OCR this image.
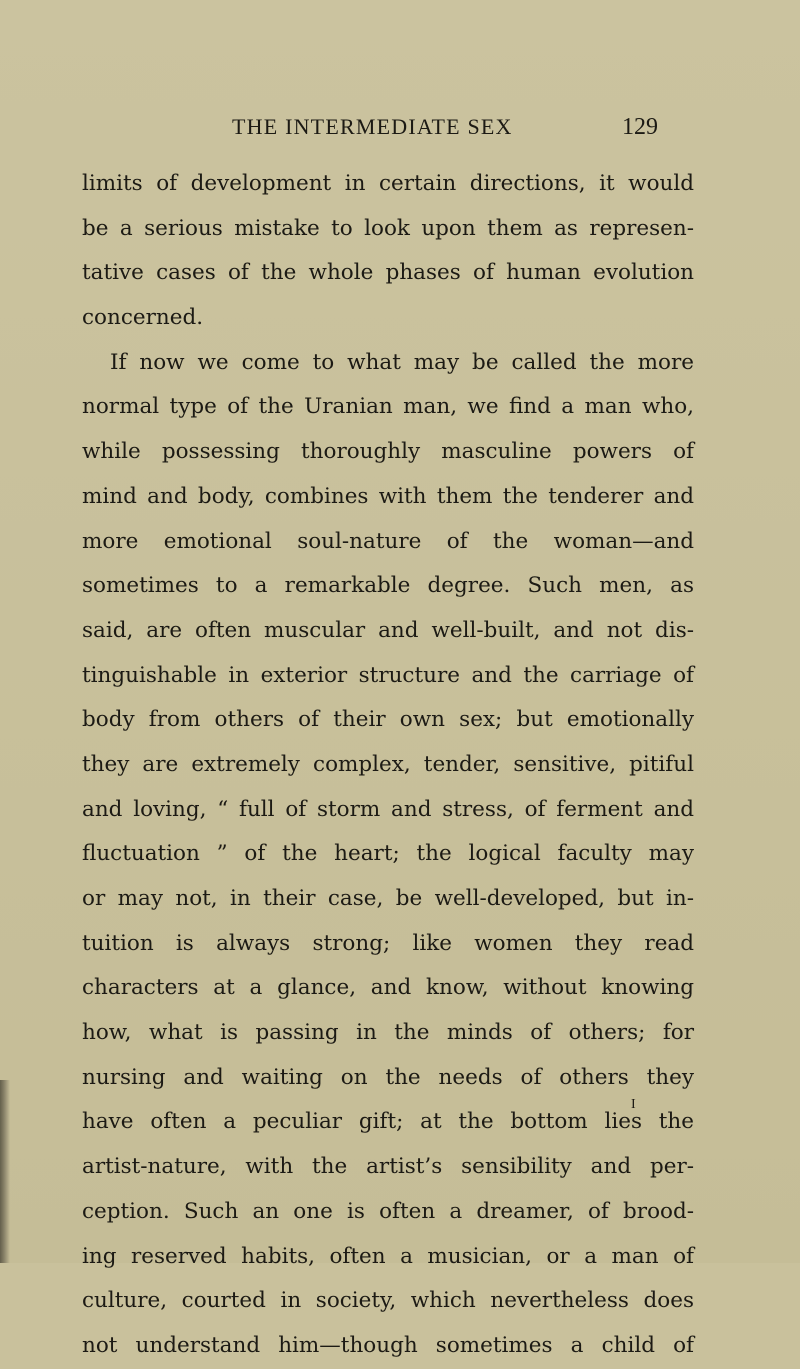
THE INTERMEDIATE SEX	129
limits of development in certain directions, it would
be a serious mistake to look upon them as represen-
tative cases of the whole phases of human evolution
concerned.
If now we come to what may be called the more
normal type of the Uranian man, we find a man who,
while possessing thoroughly masculine powers of
mind and body, combines with them the tenderer and
more emotional soul-nature of the woman—and
sometimes to a remarkable degree. Such men, as
said, are often muscular and well-built, and not dis-
tinguishable in exterior structure and the carriage of
body from others of their own sex; but emotionally
they are extremely complex, tender, sensitive, pitiful
and loving, “ full of storm and stress, of ferment and
fluctuation ” of the heart; the logical faculty may
or may not, in their case, be well-developed, but in-
tuition is always strong; like women they read
characters at a glance, and know, without knowing
how, what is passing in the minds of others; for
nursing and waiting on the needs of others they
have often a peculiar gift; at the bottom lies the
artist-nature, with the artist’s sensibility and per-
ception. Such an one is often a dreamer, of brood-
ing reserved habits, often a musician, or a man of
culture, courted in society, which nevertheless does
not understand him—though sometimes a child of
I
